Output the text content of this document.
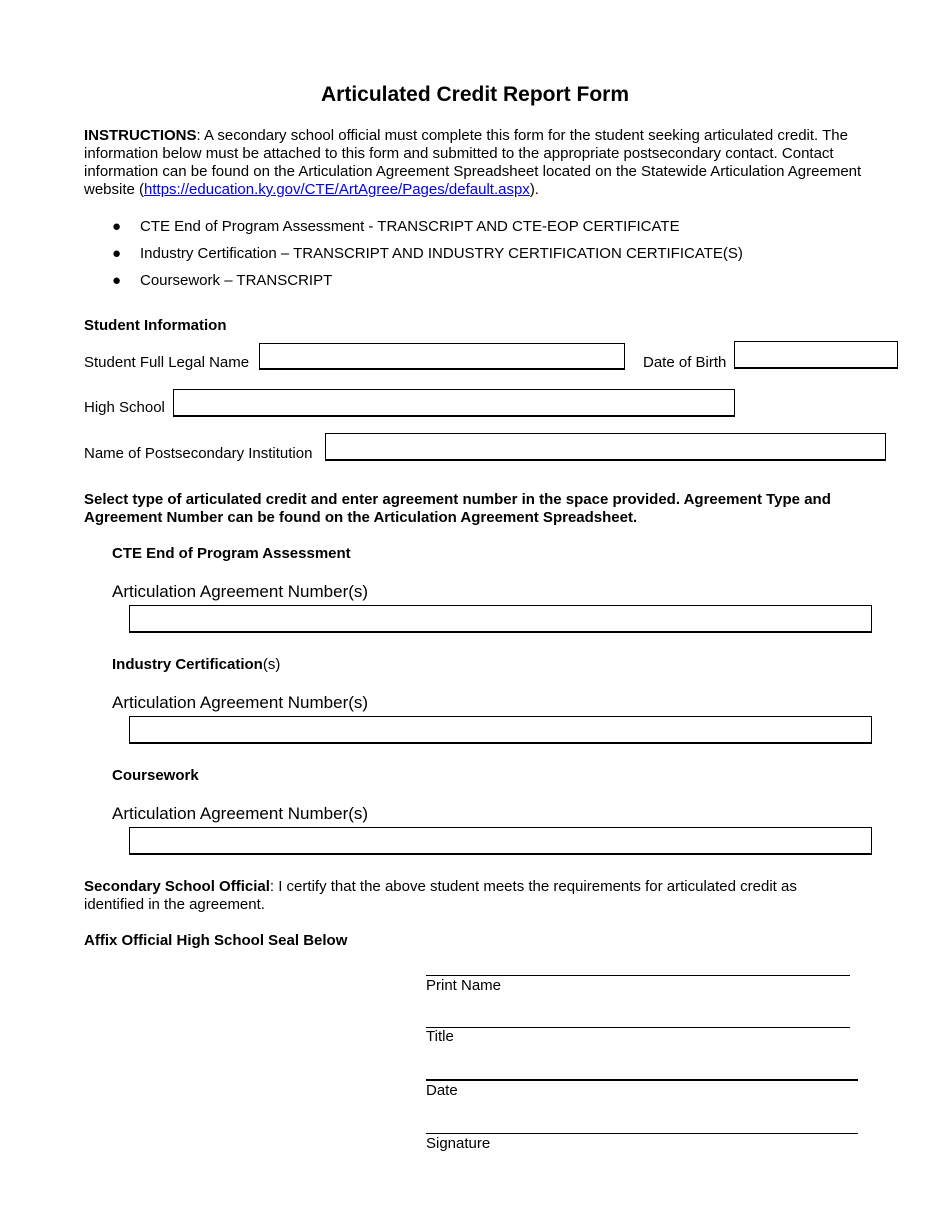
Articulated Credit Report Form
INSTRUCTIONS: A secondary school official must complete this form for the student seeking articulated credit. The information below must be attached to this form and submitted to the appropriate postsecondary contact. Contact information can be found on the Articulation Agreement Spreadsheet located on the Statewide Articulation Agreement website (https://education.ky.gov/CTE/ArtAgree/Pages/default.aspx).
● CTE End of Program Assessment - TRANSCRIPT AND CTE-EOP CERTIFICATE
● Industry Certification – TRANSCRIPT AND INDUSTRY CERTIFICATION CERTIFICATE(S)
● Coursework – TRANSCRIPT
Student Information
Student Full Legal Name	Date of Birth
High School
Name of Postsecondary Institution
Select type of articulated credit and enter agreement number in the space provided. Agreement Type and Agreement Number can be found on the Articulation Agreement Spreadsheet.
CTE End of Program Assessment
Articulation Agreement Number(s)
Industry Certification(s)
Articulation Agreement Number(s)
Coursework
Articulation Agreement Number(s)
Secondary School Official: I certify that the above student meets the requirements for articulated credit as identified in the agreement.
Affix Official High School Seal Below
Print Name
Title
Date
Signature
